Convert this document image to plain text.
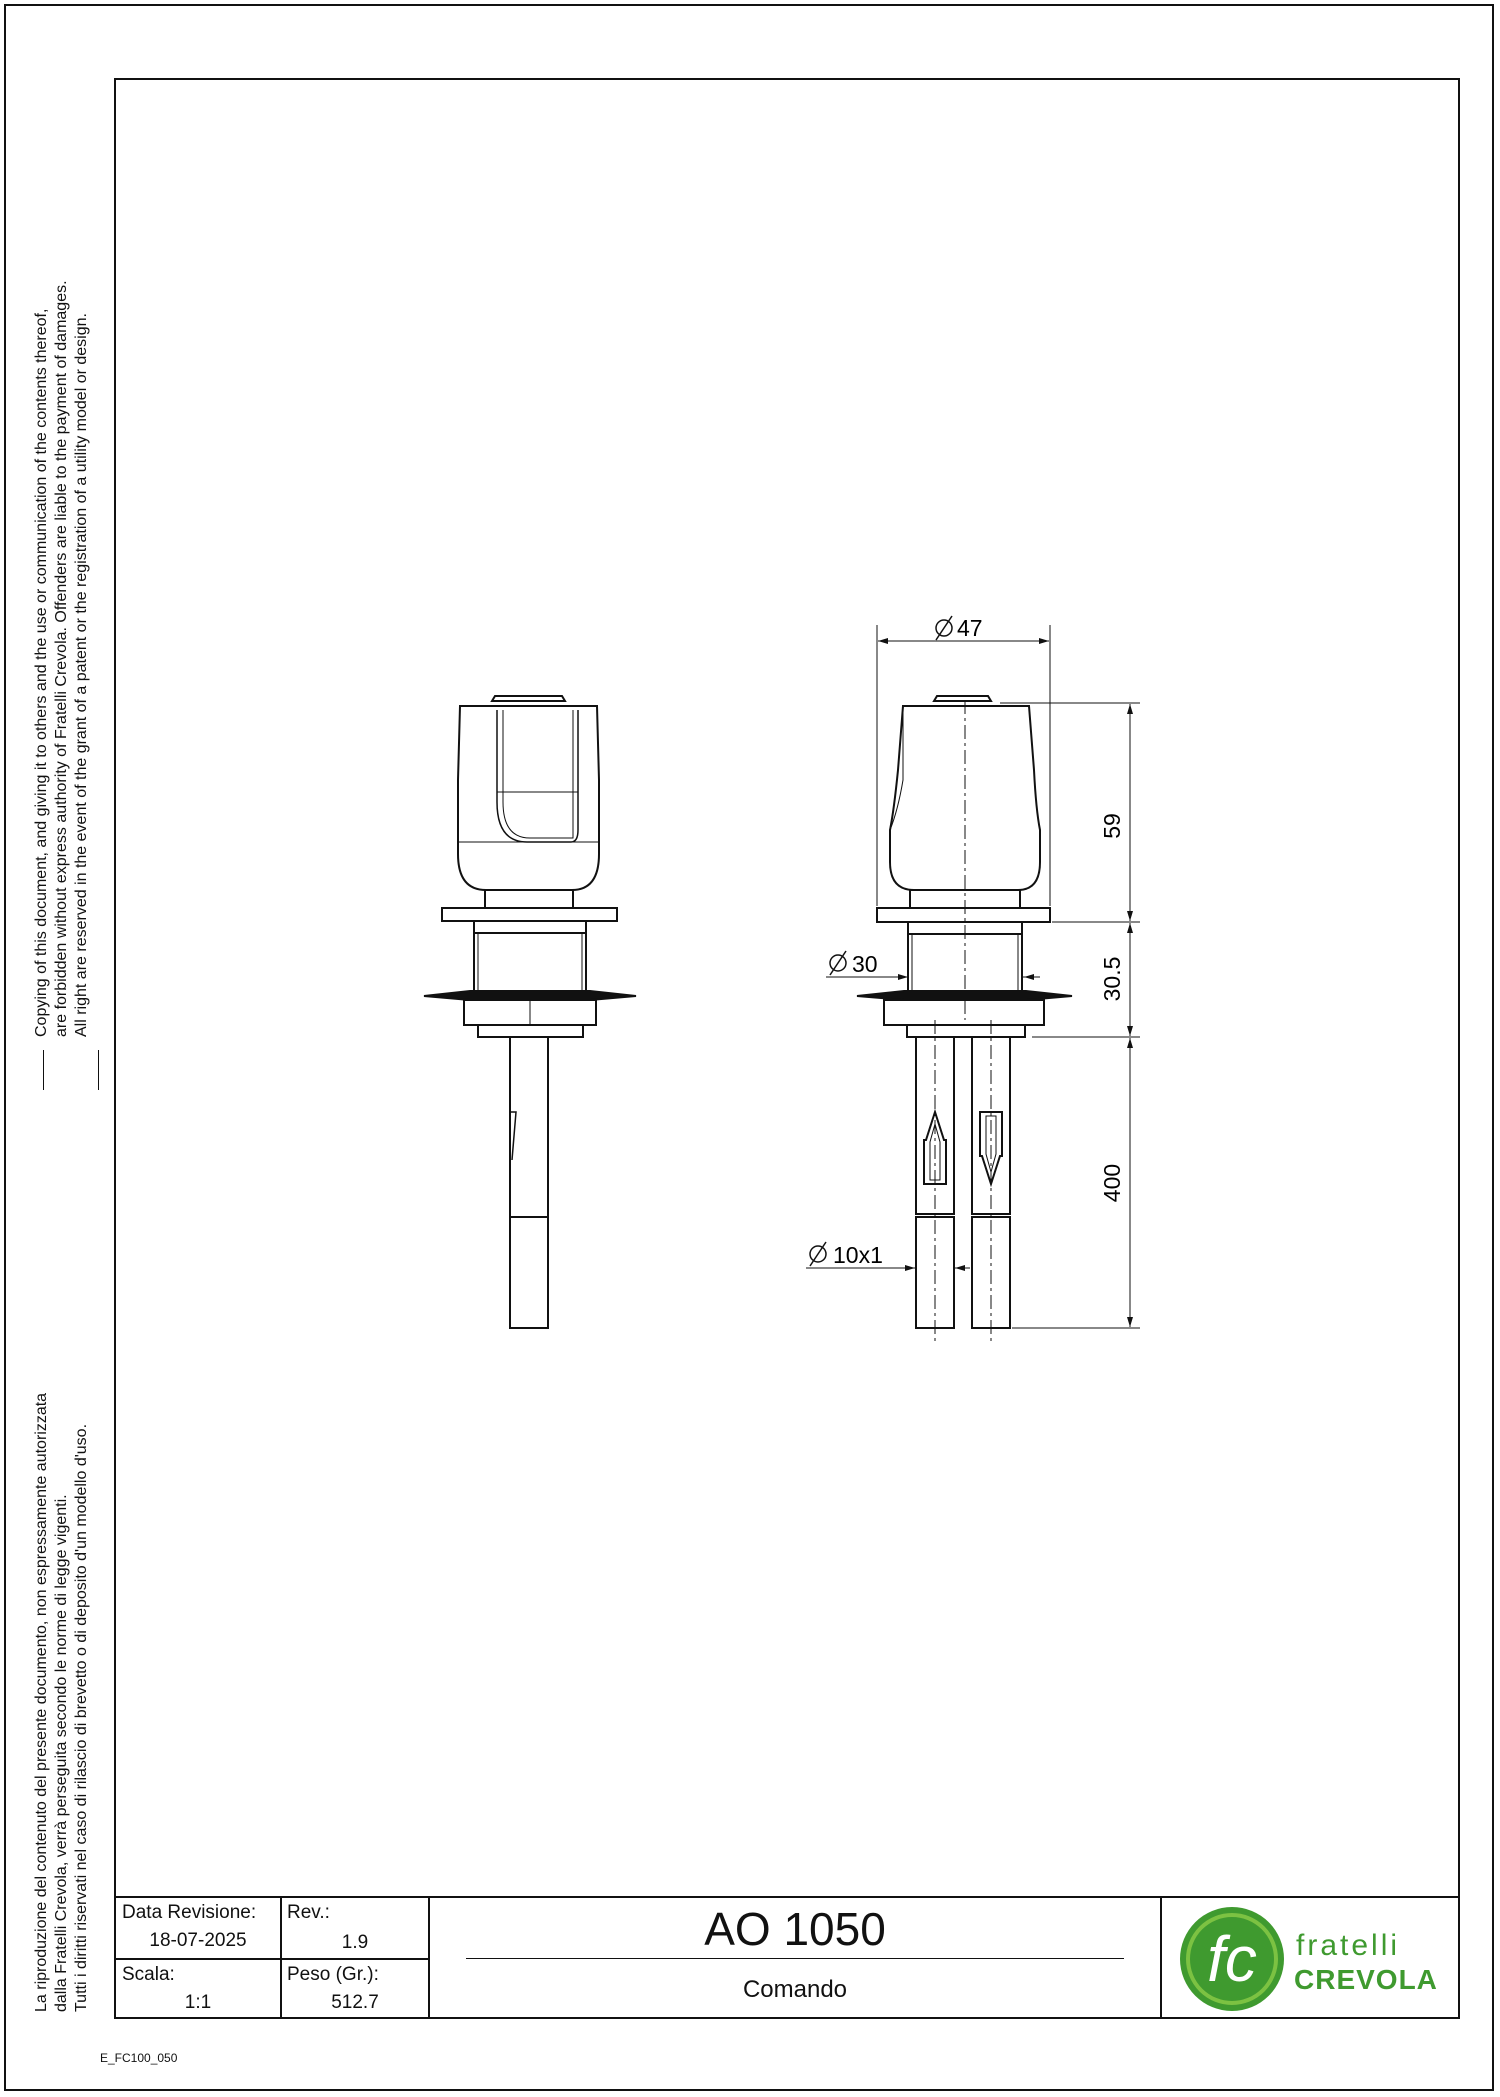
Copying of this document, and giving it to others and the use or communication of the contents thereof, are forbidden without express authority of Fratelli Crevola. Offenders are liable to the payment of damages. All right are reserved in the event of the grant of a patent or the registration of a utility model or design.
La riproduzione del contenuto del presente documento, non espressamente autorizzata dalla Fratelli Crevola, verrà perseguita secondo le norme di legge vigenti. Tutti i diritti riservati nel caso di rilascio di brevetto o di deposito d'un modello d'uso.
47
59
30	30.5
400
10x1
Data Revisione:
18-07-2025
Rev.:
1.9
Scala:
1:1
Peso (Gr.):
512.7
AO 1050
Comando	fc fratelli
CREVOLA
E_FC100_050
